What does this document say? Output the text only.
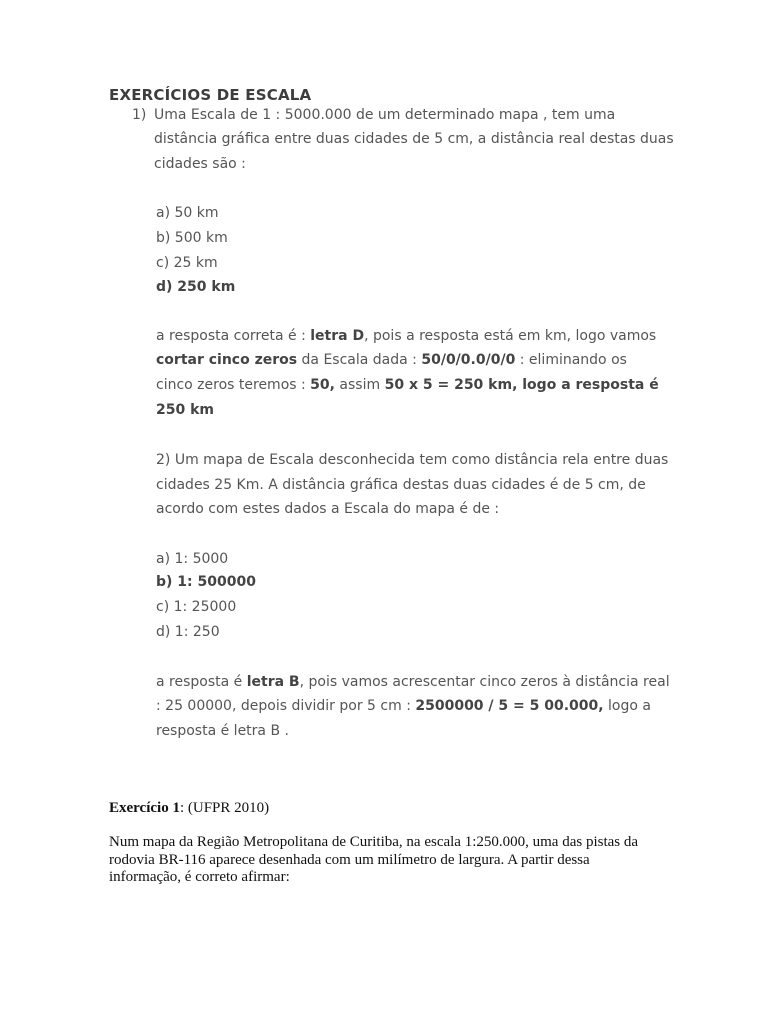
EXERCÍCIOS DE ESCALA
1) Uma Escala de 1 : 5000.000 de um determinado mapa , tem uma
distância gráfica entre duas cidades de 5 cm, a distância real destas duas
cidades são :
a) 50 km
b) 500 km
c) 25 km
d) 250 km
a resposta correta é : letra D, pois a resposta está em km, logo vamos
cortar cinco zeros da Escala dada : 50/0/0.0/0/0 : eliminando os
cinco zeros teremos : 50, assim 50 x 5 = 250 km, logo a resposta é
250 km
2) Um mapa de Escala desconhecida tem como distância rela entre duas
cidades 25 Km. A distância gráfica destas duas cidades é de 5 cm, de
acordo com estes dados a Escala do mapa é de :
a) 1: 5000
b) 1: 500000
c) 1: 25000
d) 1: 250
a resposta é letra B, pois vamos acrescentar cinco zeros à distância real
: 25 00000, depois dividir por 5 cm : 2500000 / 5 = 5 00.000, logo a
resposta é letra B .
Exercício 1: (UFPR 2010)
Num mapa da Região Metropolitana de Curitiba, na escala 1:250.000, uma das pistas da
rodovia BR-116 aparece desenhada com um milímetro de largura. A partir dessa
informação, é correto afirmar:
